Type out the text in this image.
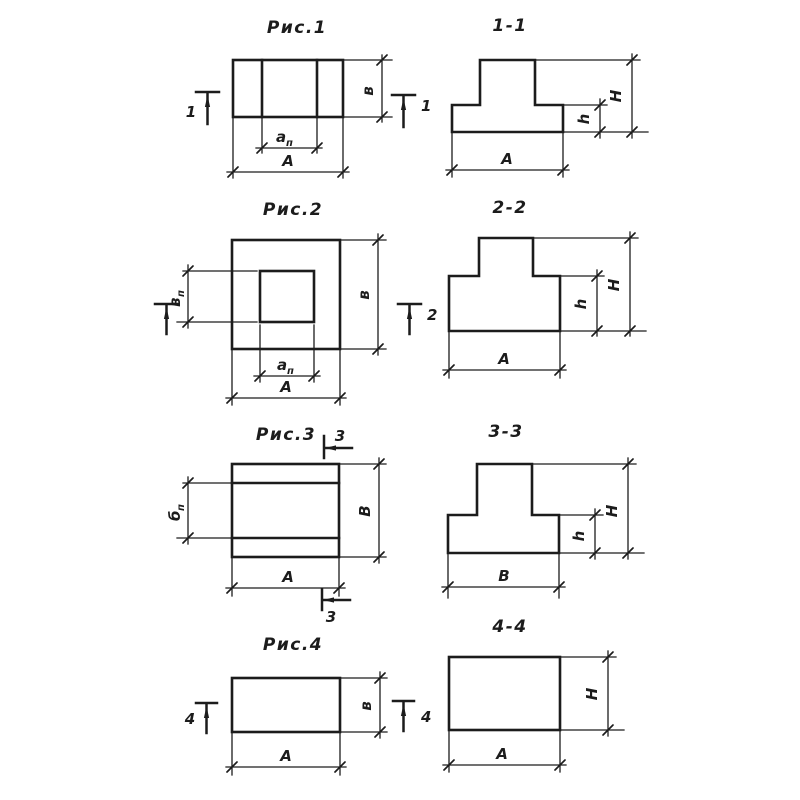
Рис.1
в
а п
А
1	1
1-1
Н
h
А
Рис.2
в
п	в
а п
А
2
2-2
Н
h
А
Рис.3
б
п	В
А
3
3
3-3
Н
h
В
Рис.4
в
А
4	4
4-4
Н
А
